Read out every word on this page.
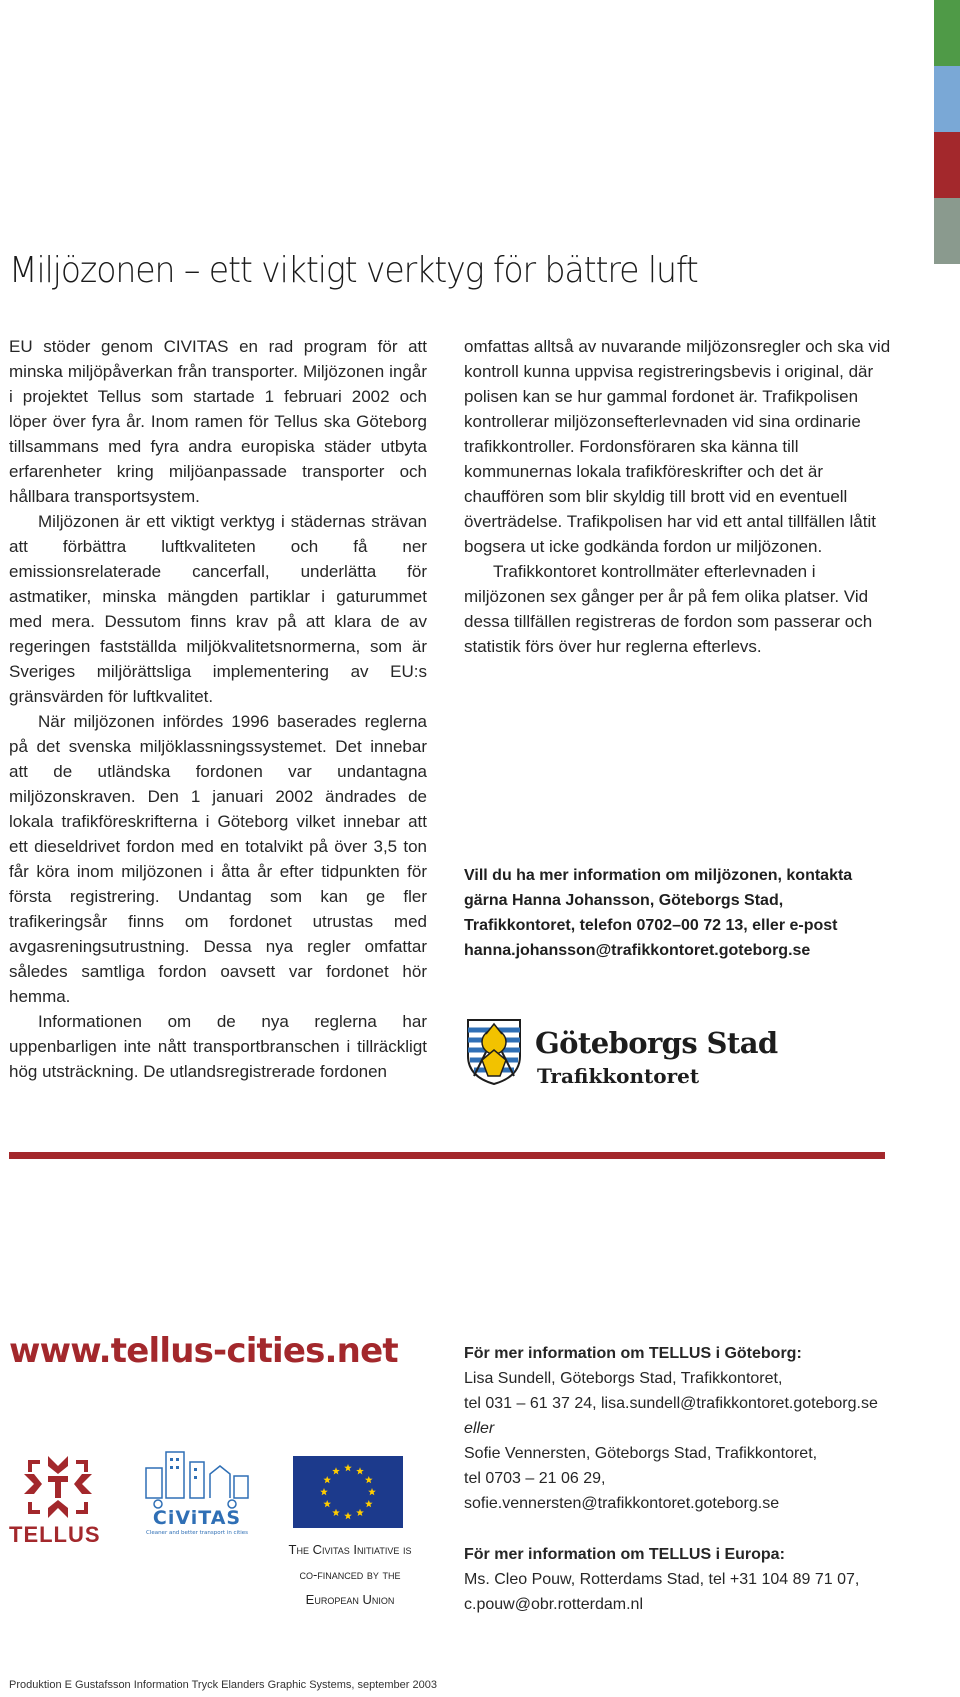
Miljözonen – ett viktigt verktyg för bättre luft

EU stöder genom CIVITAS en rad program för att minska miljöpåverkan från transporter. Miljözonen ingår i projektet Tellus som startade 1 februari 2002 och löper över fyra år. Inom ramen för Tellus ska Göteborg tillsammans med fyra andra europiska städer utbyta erfarenheter kring miljöanpassade transporter och hållbara transportsystem.

Miljözonen är ett viktigt verktyg i städernas strävan att förbättra luftkvaliteten och få ner emissionsrelaterade cancerfall, underlätta för astmatiker, minska mängden partiklar i gaturummet med mera. Dessutom finns krav på att klara de av regeringen fastställda miljökvalitetsnormerna, som är Sveriges miljörättsliga implementering av EU:s gränsvärden för luftkvalitet.

När miljözonen infördes 1996 baserades reglerna på det svenska miljöklassningssystemet. Det innebar att de utländska fordonen var undantagna miljözonskraven. Den 1 januari 2002 ändrades de lokala trafikföreskrifterna i Göteborg vilket innebar att ett dieseldrivet fordon med en totalvikt på över 3,5 ton får köra inom miljözonen i åtta år efter tidpunkten för första registrering. Undantag som kan ge fler trafikeringsår finns om fordonet utrustas med avgasreningsutrustning. Dessa nya regler omfattar således samtliga fordon oavsett var fordonet hör hemma.

Informationen om de nya reglerna har uppenbarligen inte nått transportbranschen i tillräckligt hög utsträckning. De utlandsregistrerade fordonen

omfattas alltså av nuvarande miljözonsregler och ska vid kontroll kunna uppvisa registreringsbevis i original, där polisen kan se hur gammal fordonet är. Trafikpolisen kontrollerar miljözonsefterlevnaden vid sina ordinarie trafikkontroller. Fordonsföraren ska känna till kommunernas lokala trafikföreskrifter och det är chauffören som blir skyldig till brott vid en eventuell överträdelse. Trafikpolisen har vid ett antal tillfällen låtit bogsera ut icke godkända fordon ur miljözonen.

Trafikkontoret kontrollmäter efterlevnaden i miljözonen sex gånger per år på fem olika platser. Vid dessa tillfällen registreras de fordon som passerar och statistik förs över hur reglerna efterlevs.

Vill du ha mer information om miljözonen, kontakta

gärna Hanna Johansson, Göteborgs Stad,

Trafikkontoret, telefon 0702–00 72 13, eller e-post

hanna.johansson@trafikkontoret.goteborg.se

Göteborgs Stad
Trafikkontoret
www.tellus-cities.net	För mer information om TELLUS i Göteborg:

Lisa Sundell, Göteborgs Stad, Trafikkontoret,

tel 031 – 61 37 24, lisa.sundell@trafikkontoret.goteborg.se

eller

Sofie Vennersten, Göteborgs Stad, Trafikkontoret,

tel 0703 – 21 06 29,

sofie.vennersten@trafikkontoret.goteborg.se

För mer information om TELLUS i Europa:

Ms. Cleo Pouw, Rotterdams Stad, tel +31 104 89 71 07,

c.pouw@obr.rotterdam.nl

TELLUS
CiViTAS
Cleaner and better transport in cities
The Civitas Initiative is
co-financed by the
European Union
Produktion E Gustafsson Information Tryck Elanders Graphic Systems, september 2003
